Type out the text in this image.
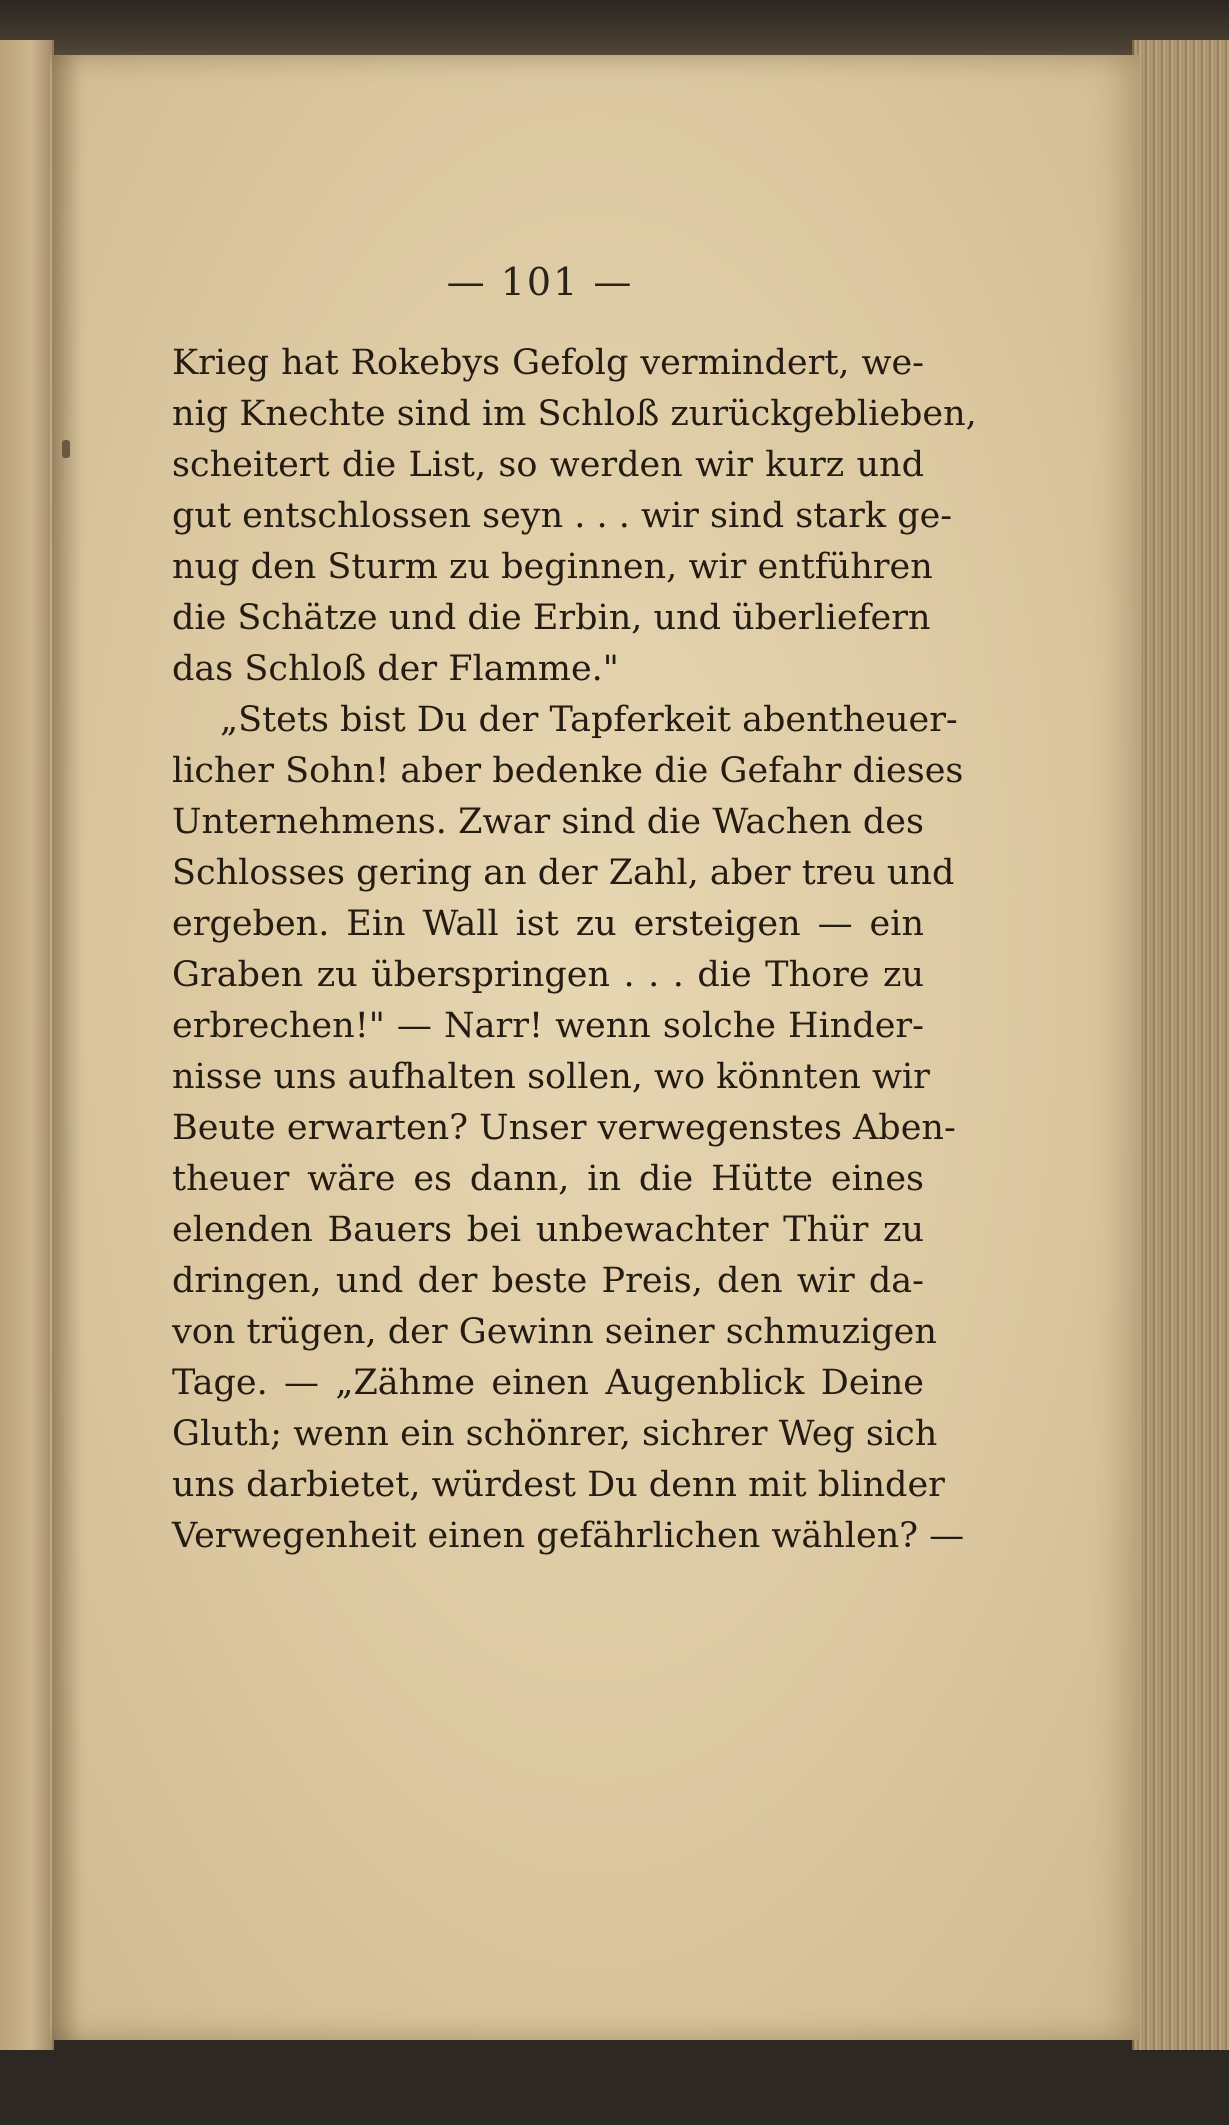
— 101 —
Krieg hat Rokebys Gefolg vermindert, we-
nig Knechte sind im Schloß zurückgeblieben,
scheitert die List, so werden wir kurz und
gut entschlossen seyn . . . wir sind stark ge-
nug den Sturm zu beginnen, wir entführen
die Schätze und die Erbin, und überliefern
das Schloß der Flamme."
„Stets bist Du der Tapferkeit abentheuer-
licher Sohn! aber bedenke die Gefahr dieses
Unternehmens. Zwar sind die Wachen des
Schlosses gering an der Zahl, aber treu und
ergeben. Ein Wall ist zu ersteigen — ein
Graben zu überspringen . . . die Thore zu
erbrechen!" — Narr! wenn solche Hinder-
nisse uns aufhalten sollen, wo könnten wir
Beute erwarten? Unser verwegenstes Aben-
theuer wäre es dann, in die Hütte eines
elenden Bauers bei unbewachter Thür zu
dringen, und der beste Preis, den wir da-
von trügen, der Gewinn seiner schmuzigen
Tage. — „Zähme einen Augenblick Deine
Gluth; wenn ein schönrer, sichrer Weg sich
uns darbietet, würdest Du denn mit blinder
Verwegenheit einen gefährlichen wählen? —
